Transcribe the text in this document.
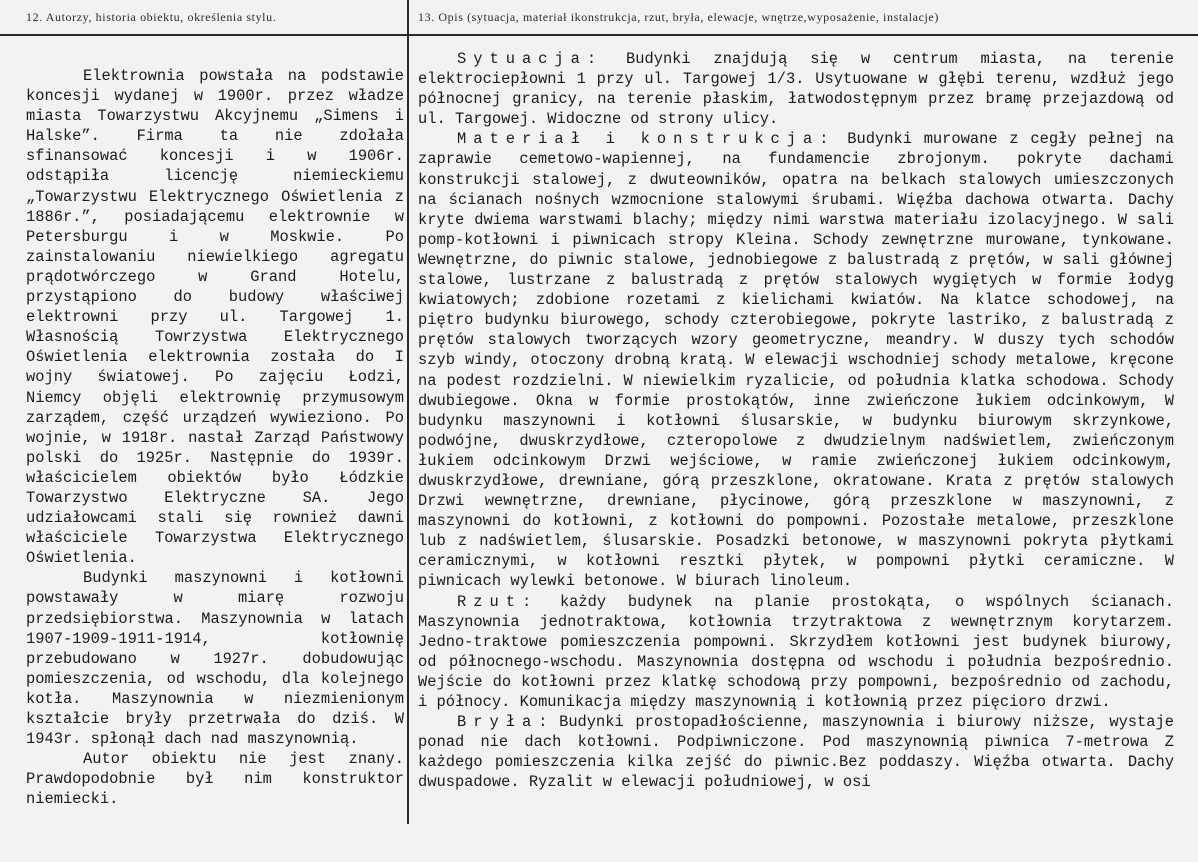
12. Autorzy, historia obiektu, określenia stylu.	13. Opis (sytuacja, materiał ikonstrukcja, rzut, bryła, elewacje, wnętrze,wyposażenie, instalacje)

Elektrownia powstała na podstawie koncesji wydanej w 1900r. przez władze miasta Towarzystwu Akcyjnemu „Simens i Halske”. Firma ta nie zdołała sfinansować koncesji i w 1906r. odstąpiła licencję niemieckiemu „Towarzystwu Elektrycznego Oświetlenia z 1886r.”, posiadającemu elektrownie w Petersburgu i w Moskwie. Po zainstalowaniu niewielkiego agregatu prądotwórczego w Grand Hotelu, przystąpiono do budowy właściwej elektrowni przy ul. Targowej 1. Własnością Towrzystwa Elektrycznego Oświetlenia elektrownia została do I wojny światowej. Po zajęciu Łodzi, Niemcy objęli elektrownię przymusowym zarządem, część urządzeń wywieziono. Po wojnie, w 1918r. nastał Zarząd Państwowy polski do 1925r. Następnie do 1939r. właścicielem obiektów było Łódzkie Towarzystwo Elektryczne SA. Jego udziałowcami stali się rownież dawni właściciele Towarzystwa Elektrycznego Oświetlenia.

Budynki maszynowni i kotłowni powstawały w miarę rozwoju przedsiębiorstwa. Maszynownia w latach 1907-1909-1911-1914, kotłownię przebudowano w 1927r. dobudowując pomieszczenia, od wschodu, dla kolejnego kotła. Maszynownia w niezmienionym kształcie bryły przetrwała do dziś. W 1943r. spłonął dach nad maszynownią.

Autor obiektu nie jest znany. Prawdopodobnie był nim konstruktor niemiecki.

Sytuacja: Budynki znajdują się w centrum miasta, na terenie elektrociepłowni 1 przy ul. Targowej 1/3. Usytuowane w głębi terenu, wzdłuż jego północnej granicy, na terenie płaskim, łatwodostępnym przez bramę przejazdową od ul. Targowej. Widoczne od strony ulicy.

Materiał i konstrukcja: Budynki murowane z cegły pełnej na zaprawie cemetowo-wapiennej, na fundamencie zbrojonym. pokryte dachami konstrukcji stalowej, z dwuteowników, opatra na belkach stalowych umieszczonych na ścianach nośnych wzmocnione stalowymi śrubami. Więźba dachowa otwarta. Dachy kryte dwiema warstwami blachy; między nimi warstwa materiału izolacyjnego. W sali pomp-kotłowni i piwnicach stropy Kleina. Schody zewnętrzne murowane, tynkowane. Wewnętrzne, do piwnic stalowe, jednobiegowe z balustradą z prętów, w sali głównej stalowe, lustrzane z balustradą z prętów stalowych wygiętych w formie łodyg kwiatowych; zdobione rozetami z kielichami kwiatów. Na klatce schodowej, na piętro budynku biurowego, schody czterobiegowe, pokryte lastriko, z balustradą z prętów stalowych tworzących wzory geometryczne, meandry. W duszy tych schodów szyb windy, otoczony drobną kratą. W elewacji wschodniej schody metalowe, kręcone na podest rozdzielni. W niewielkim ryzalicie, od południa klatka schodowa. Schody dwubiegowe. Okna w formie prostokątów, inne zwieńczone łukiem odcinkowym, W budynku maszynowni i kotłowni ślusarskie, w budynku biurowym skrzynkowe, podwójne, dwuskrzydłowe, czteropolowe z dwudzielnym nadświetlem, zwieńczonym łukiem odcinkowym Drzwi wejściowe, w ramie zwieńczonej łukiem odcinkowym, dwuskrzydłowe, drewniane, górą przeszklone, okratowane. Krata z prętów stalowych Drzwi wewnętrzne, drewniane, płycinowe, górą przeszklone w maszynowni, z maszynowni do kotłowni, z kotłowni do pompowni. Pozostałe metalowe, przeszklone lub z nadświetlem, ślusarskie. Posadzki betonowe, w maszynowni pokryta płytkami ceramicznymi, w kotłowni resztki płytek, w pompowni płytki ceramiczne. W piwnicach wylewki betonowe. W biurach linoleum.

Rzut: każdy budynek na planie prostokąta, o wspólnych ścianach. Maszynownia jednotraktowa, kotłownia trzytraktowa z wewnętrznym korytarzem. Jedno-traktowe pomieszczenia pompowni. Skrzydłem kotłowni jest budynek biurowy, od północnego-wschodu. Maszynownia dostępna od wschodu i południa bezpośrednio. Wejście do kotłowni przez klatkę schodową przy pompowni, bezpośrednio od zachodu, i północy. Komunikacja między maszynownią i kotłownią przez pięcioro drzwi.

Bryła: Budynki prostopadłościenne, maszynownia i biurowy niższe, wystaje ponad nie dach kotłowni. Podpiwniczone. Pod maszynownią piwnica 7-metrowa Z każdego pomieszczenia kilka zejść do piwnic.Bez poddaszy. Więźba otwarta. Dachy dwuspadowe. Ryzalit w elewacji południowej, w osi
